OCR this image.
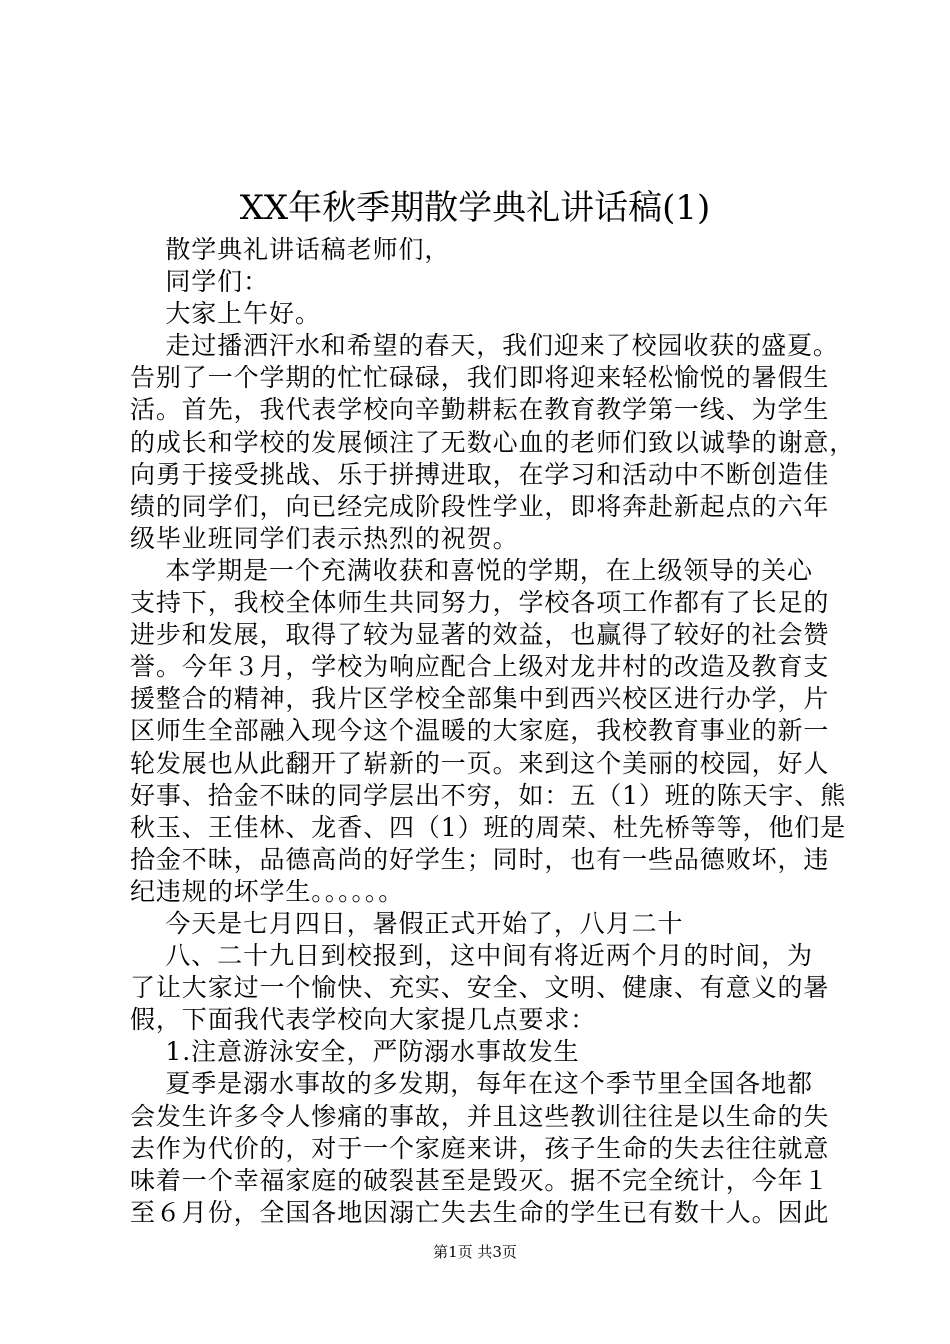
XX年秋季期散学典礼讲话稿(1)
散学典礼讲话稿老师们，
同学们：
大家上午好。
走过播洒汗水和希望的春天，我们迎来了校园收获的盛夏。
告别了一个学期的忙忙碌碌，我们即将迎来轻松愉悦的暑假生
活。首先，我代表学校向辛勤耕耘在教育教学第一线、为学生
的成长和学校的发展倾注了无数心血的老师们致以诚挚的谢意，
向勇于接受挑战、乐于拼搏进取，在学习和活动中不断创造佳
绩的同学们，向已经完成阶段性学业，即将奔赴新起点的六年
级毕业班同学们表示热烈的祝贺。
本学期是一个充满收获和喜悦的学期，在上级领导的关心
支持下，我校全体师生共同努力，学校各项工作都有了长足的
进步和发展，取得了较为显著的效益，也赢得了较好的社会赞
誉。今年３月，学校为响应配合上级对龙井村的改造及教育支
援整合的精神，我片区学校全部集中到西兴校区进行办学，片
区师生全部融入现今这个温暖的大家庭，我校教育事业的新一
轮发展也从此翻开了崭新的一页。来到这个美丽的校园，好人
好事、拾金不昧的同学层出不穷，如：五（1）班的陈天宇、熊
秋玉、王佳林、龙香、四（1）班的周荣、杜先桥等等，他们是
拾金不昧，品德高尚的好学生；同时，也有一些品德败坏，违
纪违规的坏学生。。。。。。
今天是七月四日，暑假正式开始了，八月二十
八、二十九日到校报到，这中间有将近两个月的时间，为
了让大家过一个愉快、充实、安全、文明、健康、有意义的暑
假，下面我代表学校向大家提几点要求：
1.注意游泳安全，严防溺水事故发生
夏季是溺水事故的多发期，每年在这个季节里全国各地都
会发生许多令人惨痛的事故，并且这些教训往往是以生命的失
去作为代价的，对于一个家庭来讲，孩子生命的失去往往就意
味着一个幸福家庭的破裂甚至是毁灭。据不完全统计，今年１
至６月份，全国各地因溺亡失去生命的学生已有数十人。因此
第1页 共3页
